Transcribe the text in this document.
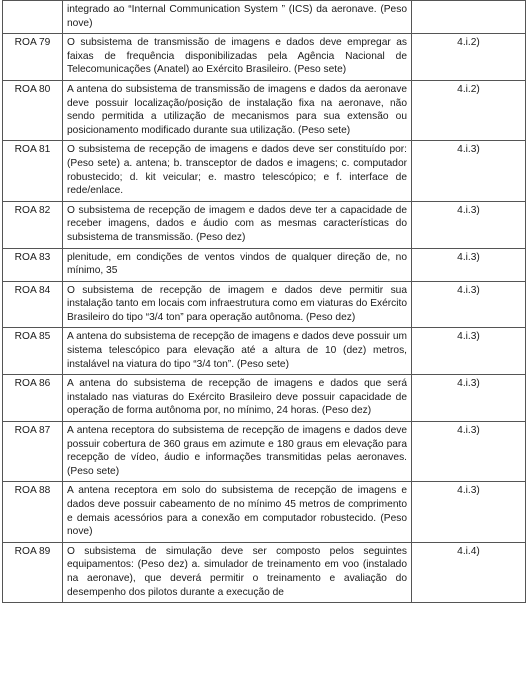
	integrado ao “Internal Communication System ” (ICS) da aeronave. (Peso nove)	
ROA 79	O subsistema de transmissão de imagens e dados deve empregar as faixas de frequência disponibilizadas pela Agência Nacional de Telecomunicações (Anatel) ao Exército Brasileiro. (Peso sete)	4.i.2)
ROA 80	A antena do subsistema de transmissão de imagens e dados da aeronave deve possuir localização/posição de instalação fixa na aeronave, não sendo permitida a utilização de mecanismos para sua extensão ou posicionamento modificado durante sua utilização. (Peso sete)	4.i.2)
ROA 81	O subsistema de recepção de imagens e dados deve ser constituído por: (Peso sete) a. antena; b. transceptor de dados e imagens; c. computador robustecido; d. kit veicular; e. mastro telescópico; e f. interface de rede/enlace.	4.i.3)
ROA 82	O subsistema de recepção de imagem e dados deve ter a capacidade de receber imagens, dados e áudio com as mesmas características do subsistema de transmissão. (Peso dez)	4.i.3)
ROA 83	plenitude, em condições de ventos vindos de qualquer direção de, no mínimo, 35	4.i.3)
ROA 84	O subsistema de recepção de imagem e dados deve permitir sua instalação tanto em locais com infraestrutura como em viaturas do Exército Brasileiro do tipo “3/4 ton” para operação autônoma. (Peso dez)	4.i.3)
ROA 85	A antena do subsistema de recepção de imagens e dados deve possuir um sistema telescópico para elevação até a altura de 10 (dez) metros, instalável na viatura do tipo “3/4 ton”. (Peso sete)	4.i.3)
ROA 86	A antena do subsistema de recepção de imagens e dados que será instalado nas viaturas do Exército Brasileiro deve possuir capacidade de operação de forma autônoma por, no mínimo, 24 horas. (Peso dez)	4.i.3)
ROA 87	A antena receptora do subsistema de recepção de imagens e dados deve possuir cobertura de 360 graus em azimute e 180 graus em elevação para recepção de vídeo, áudio e informações transmitidas pelas aeronaves. (Peso sete)	4.i.3)
ROA 88	A antena receptora em solo do subsistema de recepção de imagens e dados deve possuir cabeamento de no mínimo 45 metros de comprimento e demais acessórios para a conexão em computador robustecido. (Peso nove)	4.i.3)
ROA 89	O subsistema de simulação deve ser composto pelos seguintes equipamentos: (Peso dez) a. simulador de treinamento em voo (instalado na aeronave), que deverá permitir o treinamento e avaliação do desempenho dos pilotos durante a execução de	4.i.4)
